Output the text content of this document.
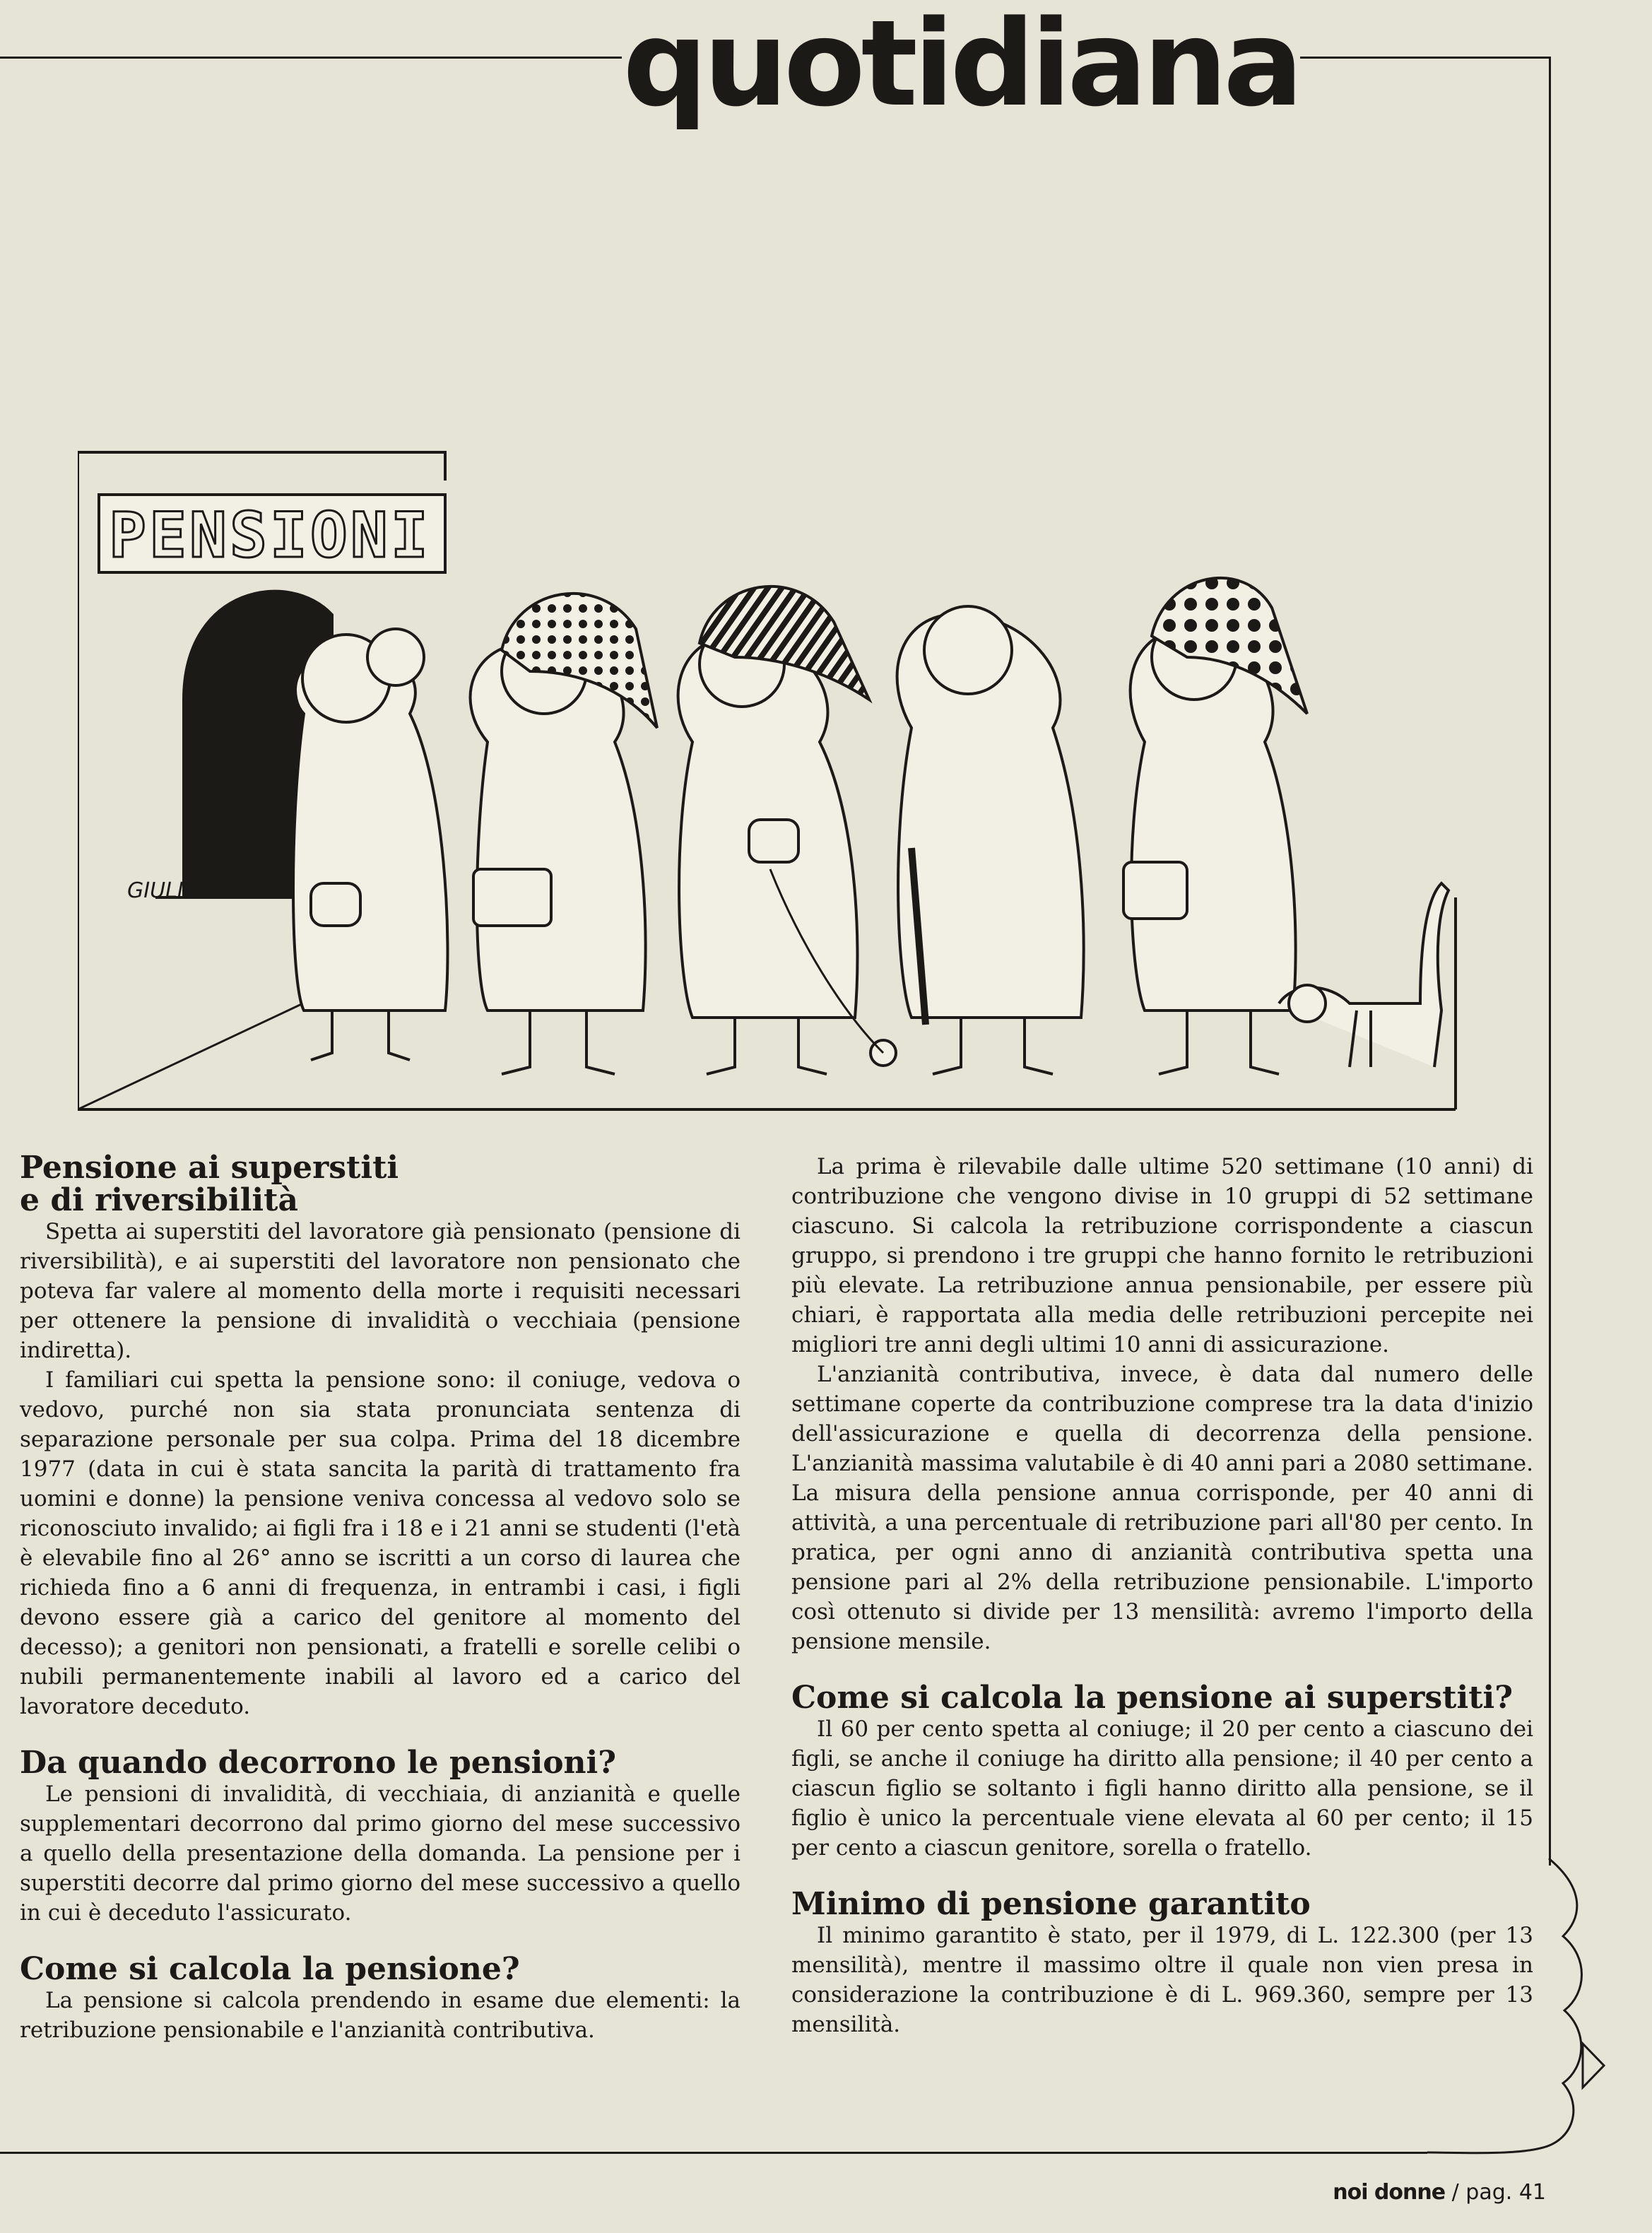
quotidiana
PENSIONI
GIULIANA
Pensione ai superstiti
e di riversibilità

Spetta ai superstiti del lavoratore già pensionato (pensione di riversibilità), e ai superstiti del lavoratore non pensionato che poteva far valere al momento della morte i requisiti necessari per ottenere la pensione di invalidità o vecchiaia (pensione indiretta).

I familiari cui spetta la pensione sono: il coniuge, vedova o vedovo, purché non sia stata pronunciata sentenza di separazione personale per sua colpa. Prima del 18 dicembre 1977 (data in cui è stata sancita la parità di trattamento fra uomini e donne) la pensione veniva concessa al vedovo solo se riconosciuto invalido; ai figli fra i 18 e i 21 anni se studenti (l'età è elevabile fino al 26° anno se iscritti a un corso di laurea che richieda fino a 6 anni di frequenza, in entrambi i casi, i figli devono essere già a carico del genitore al momento del decesso); a genitori non pensionati, a fratelli e sorelle celibi o nubili permanentemente inabili al lavoro ed a carico del lavoratore deceduto.

Da quando decorrono le pensioni?

Le pensioni di invalidità, di vecchiaia, di anzianità e quelle supplementari decorrono dal primo giorno del mese successivo a quello della presentazione della domanda. La pensione per i superstiti decorre dal primo giorno del mese successivo a quello in cui è deceduto l'assicurato.

Come si calcola la pensione?

La pensione si calcola prendendo in esame due elementi: la retribuzione pensionabile e l'anzianità contributiva.

La prima è rilevabile dalle ultime 520 settimane (10 anni) di contribuzione che vengono divise in 10 gruppi di 52 settimane ciascuno. Si calcola la retribuzione corrispondente a ciascun gruppo, si prendono i tre gruppi che hanno fornito le retribuzioni più elevate. La retribuzione annua pensionabile, per essere più chiari, è rapportata alla media delle retribuzioni percepite nei migliori tre anni degli ultimi 10 anni di assicurazione.

L'anzianità contributiva, invece, è data dal numero delle settimane coperte da contribuzione comprese tra la data d'inizio dell'assicurazione e quella di decorrenza della pensione. L'anzianità massima valutabile è di 40 anni pari a 2080 settimane. La misura della pensione annua corrisponde, per 40 anni di attività, a una percentuale di retribuzione pari all'80 per cento. In pratica, per ogni anno di anzianità contributiva spetta una pensione pari al 2% della retribuzione pensionabile. L'importo così ottenuto si divide per 13 mensilità: avremo l'importo della pensione mensile.

Come si calcola la pensione ai superstiti?

Il 60 per cento spetta al coniuge; il 20 per cento a ciascuno dei figli, se anche il coniuge ha diritto alla pensione; il 40 per cento a ciascun figlio se soltanto i figli hanno diritto alla pensione, se il figlio è unico la percentuale viene elevata al 60 per cento; il 15 per cento a ciascun genitore, sorella o fratello.

Minimo di pensione garantito

Il minimo garantito è stato, per il 1979, di L. 122.300 (per 13 mensilità), mentre il massimo oltre il quale non vien presa in considerazione la contribuzione è di L. 969.360, sempre per 13 mensilità.

noi donne / pag. 41
